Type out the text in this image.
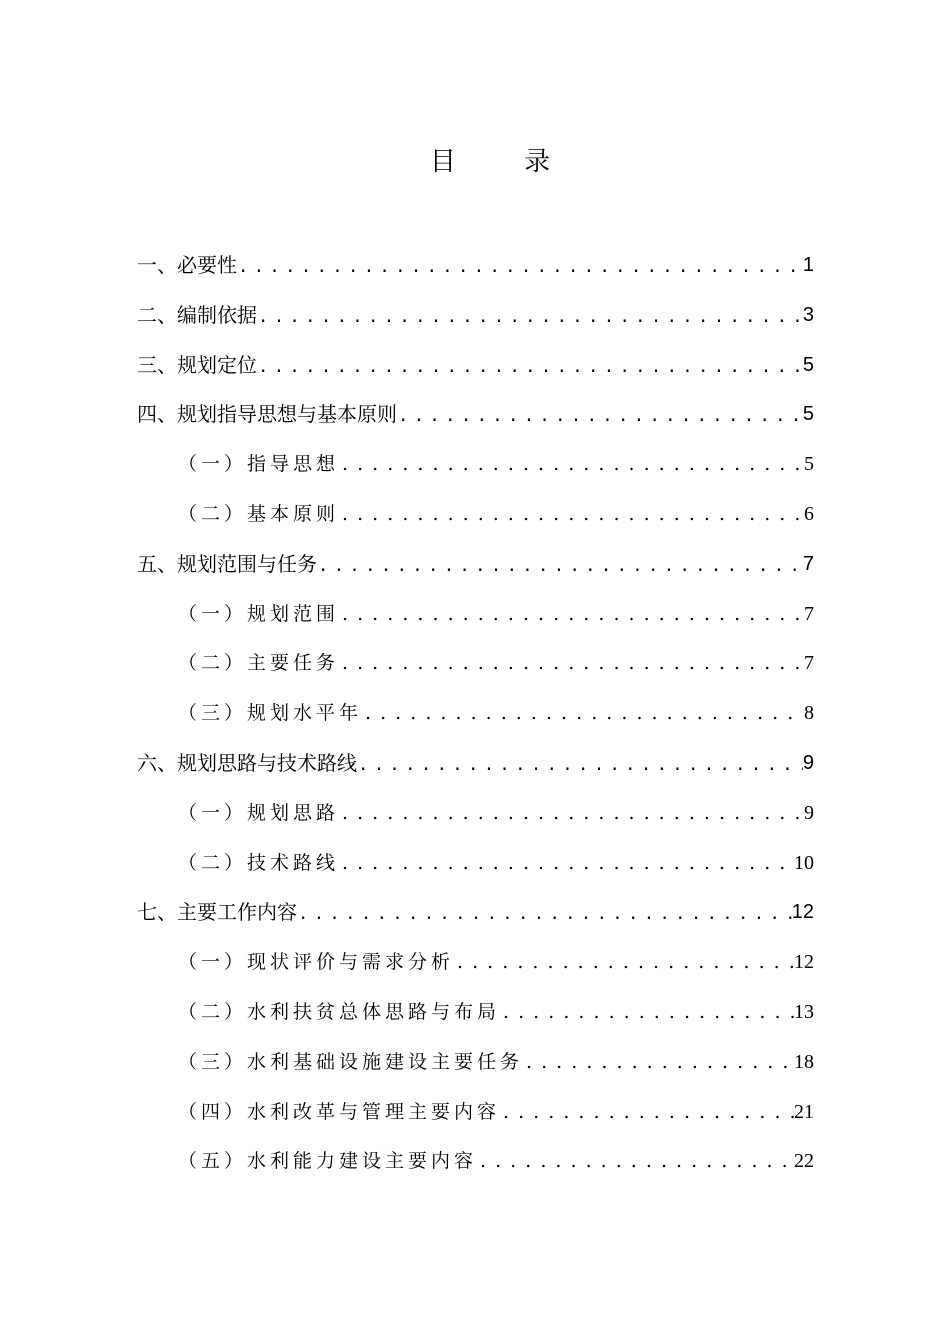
目 录
一、必要性 . . .	1
二、编制依据 . . .	3
三、规划定位 . . .	5
四、规划指导思想与基本原则 . . .	5
（一）指导思想 . . .	5
（二）基本原则 . . .	6
五、规划范围与任务 . . .	7
（一）规划范围 . . .	7
（二）主要任务 . . .	7
（三）规划水平年 . . .	8
六、规划思路与技术路线 . . .	9
（一）规划思路 . . .	9
（二）技术路线 . . .	10
七、主要工作内容 . . .	12
（一）现状评价与需求分析 . . .	12
（二）水利扶贫总体思路与布局 . . .	13
（三）水利基础设施建设主要任务 . . .	18
（四）水利改革与管理主要内容 . . .	21
（五）水利能力建设主要内容 . . .	22
